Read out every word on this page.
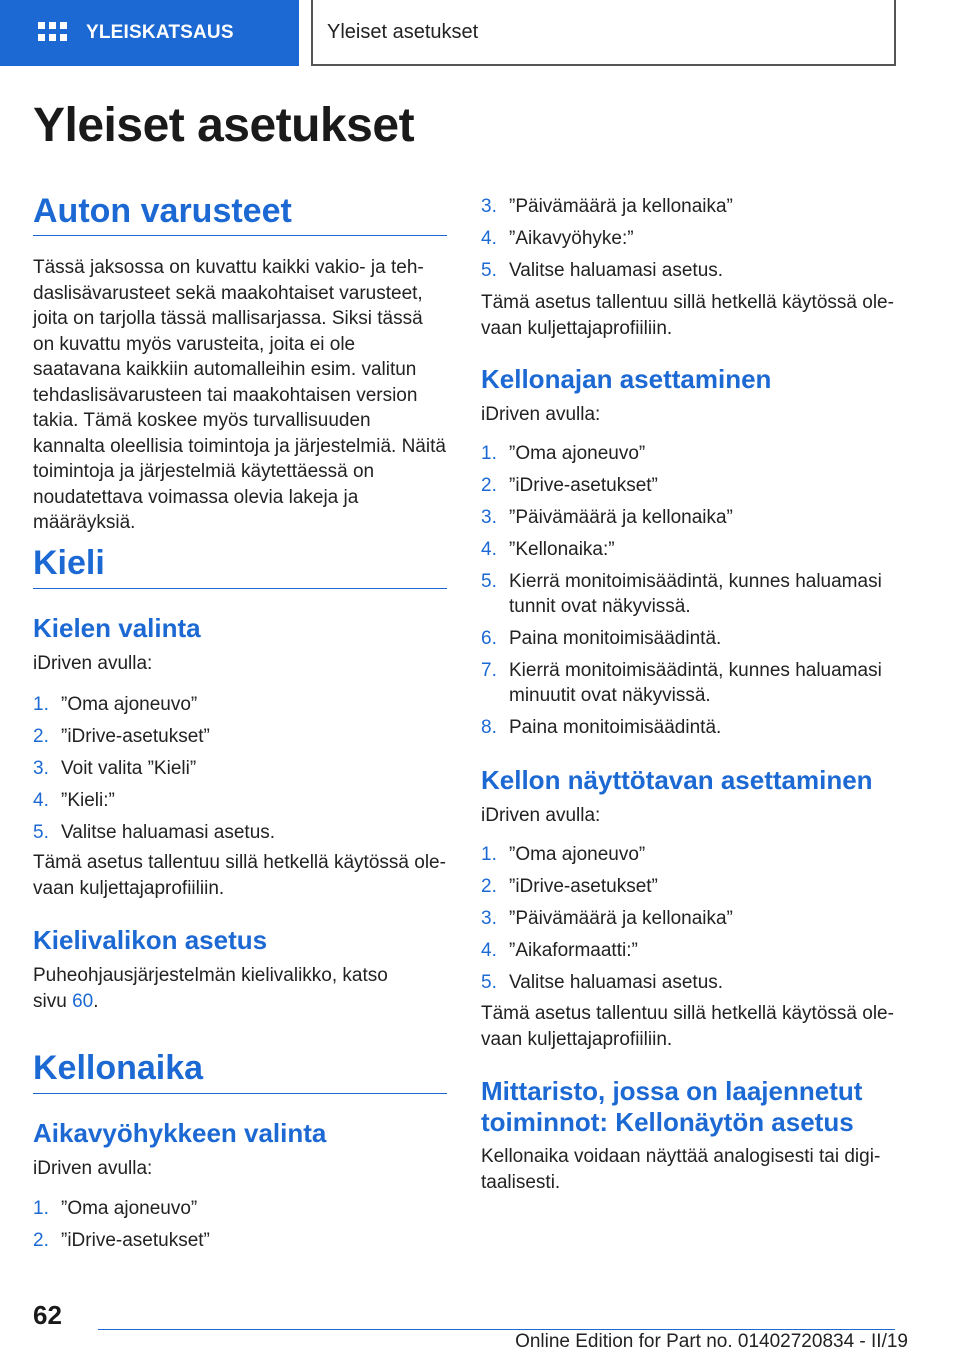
YLEISKATSAUS	Yleiset asetukset
Yleiset asetukset
Auton varusteet
Tässä jaksossa on kuvattu kaikki vakio- ja tehdaslisävarusteet sekä maakohtaiset varusteet, joita on tarjolla tässä mallisarjassa. Siksi tässä on kuvattu myös varusteita, joita ei ole saatavana kaikkiin automalleihin esim. valitun tehdaslisävarusteen tai maakohtaisen version takia. Tämä koskee myös turvallisuuden kannalta oleellisia toimintoja ja järjestelmiä. Näitä toimintoja ja järjestelmiä käytettäessä on noudatettava voimassa olevia lakeja ja määräyksiä.
Kieli
Kielen valinta
iDriven avulla:
1. ”Oma ajoneuvo”
2. ”iDrive-asetukset”
3. Voit valita ”Kieli”
4. ”Kieli:”
5. Valitse haluamasi asetus.
Tämä asetus tallentuu sillä hetkellä käytössä olevaan kuljettajaprofiiliin.
Kielivalikon asetus
Puheohjausjärjestelmän kielivalikko, katso sivu 60.
Kellonaika
Aikavyöhykkeen valinta
iDriven avulla:
1. ”Oma ajoneuvo”
2. ”iDrive-asetukset”
3. ”Päivämäärä ja kellonaika”
4. ”Aikavyöhyke:”
5. Valitse haluamasi asetus.
Tämä asetus tallentuu sillä hetkellä käytössä olevaan kuljettajaprofiiliin.
Kellonajan asettaminen
iDriven avulla:
1. ”Oma ajoneuvo”
2. ”iDrive-asetukset”
3. ”Päivämäärä ja kellonaika”
4. ”Kellonaika:”
5. Kierrä monitoimisäädintä, kunnes haluamasi tunnit ovat näkyvissä.
6. Paina monitoimisäädintä.
7. Kierrä monitoimisäädintä, kunnes haluamasi minuutit ovat näkyvissä.
8. Paina monitoimisäädintä.
Kellon näyttötavan asettaminen
iDriven avulla:
1. ”Oma ajoneuvo”
2. ”iDrive-asetukset”
3. ”Päivämäärä ja kellonaika”
4. ”Aikaformaatti:”
5. Valitse haluamasi asetus.
Tämä asetus tallentuu sillä hetkellä käytössä olevaan kuljettajaprofiiliin.
Mittaristo, jossa on laajennetut toiminnot: Kellonäytön asetus
Kellonaika voidaan näyttää analogisesti tai digitaalisesti.
62
Online Edition for Part no. 01402720834 - II/19
